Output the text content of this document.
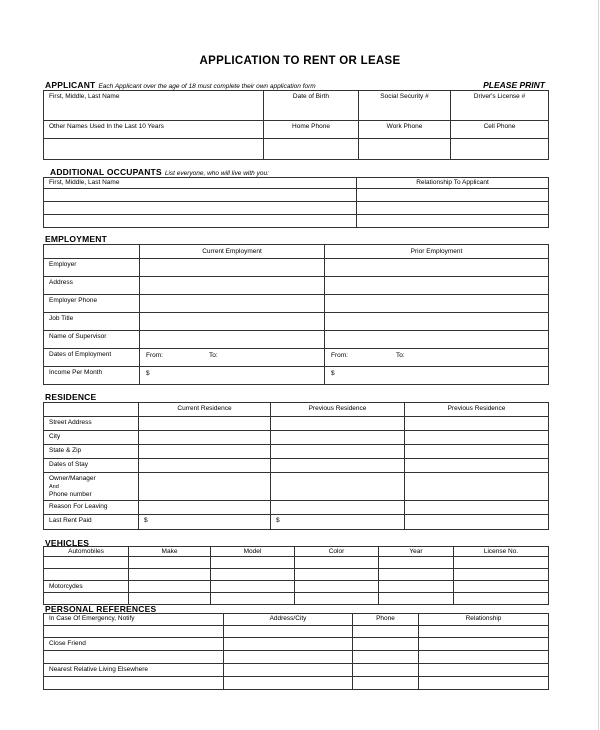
APPLICATION TO RENT OR LEASE
APPLICANT Each Applicant over the age of 18 must complete their own application form	PLEASE PRINT
First, Middle, Last Name	Date of Birth	Social Security #	Driver's License #
Other Names Used In the Last 10 Years	Home Phone	Work Phone	Cell Phone

ADDITIONAL OCCUPANTS List everyone, who will live with you:
First, Middle, Last Name	Relationship To Applicant

EMPLOYMENT
	Current Employment	Prior Employment
Employer		
Address		
Employer Phone		
Job Title		
Name of Supervisor		
Dates of Employment	From: To:	From: To:
Income Per Month	$	$
RESIDENCE
	Current Residence	Previous Residence	Previous Residence
Street Address			
City			
State & Zip			
Dates of Stay			

Owner/Manager
And
Phone number			

Reason For Leaving			
Last Rent Paid	$	$	
VEHICLES
Automobiles	Make	Model	Color	Year	License No.

Motorcydes					

PERSONAL REFERENCES
In Case Of Emergency, Notify	Address/City	Phone	Relationship

Close Friend			

Nearest Relative Living Elsewhere			
